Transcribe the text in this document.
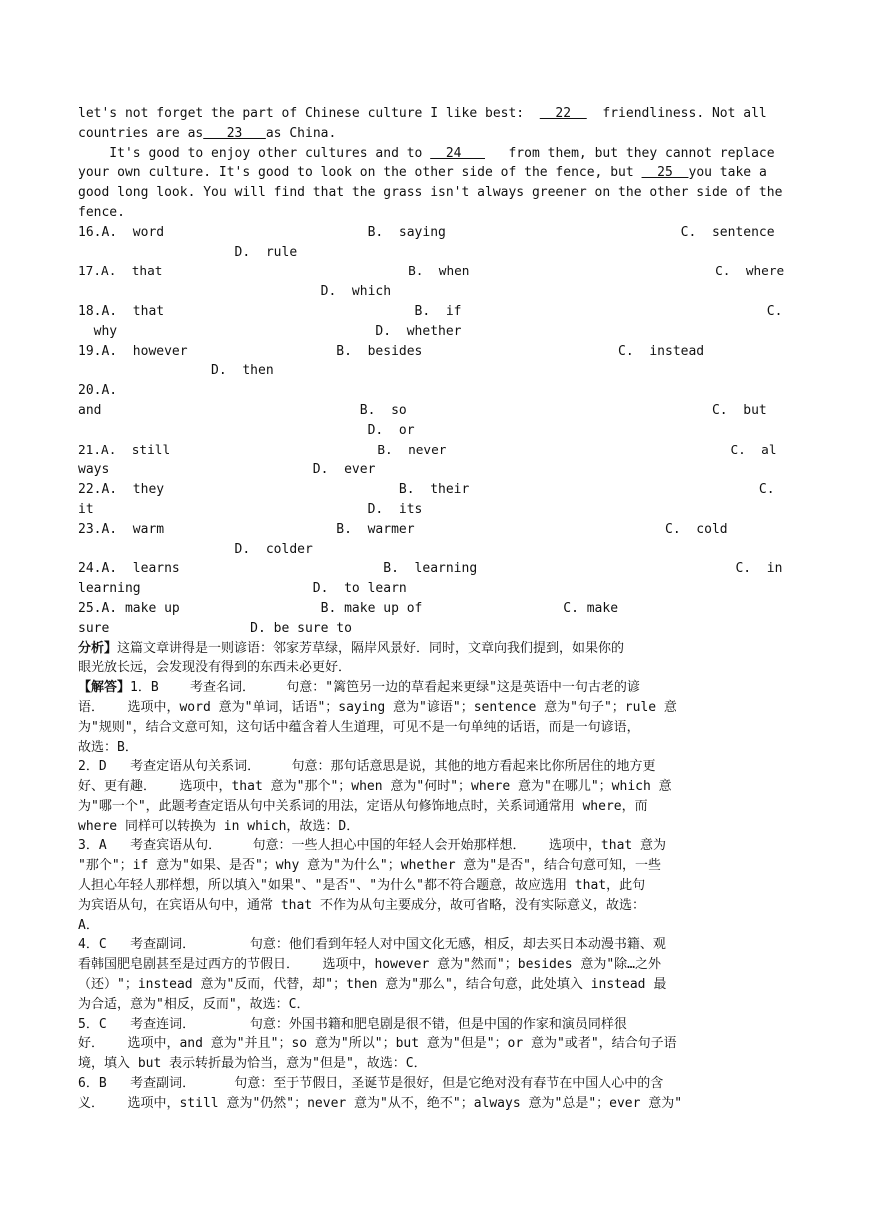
let's not forget the part of Chinese culture I like best:    22    friendliness. Not all
countries are as   23   as China.
It's good to enjoy other cultures and to   24      from them, but they cannot replace
your own culture. It's good to look on the other side of the fence, but   25  you take a
good long look. You will find that the grass isn't always greener on the other side of the
fence.
16.A.  word                          B.  saying                              C.  sentence
D.  rule
17.A.  that                                B.  when                                C.  where
D.  which
18.A.  that                                B.  if                                       C.
why                                 D.  whether
19.A.  however                   B.  besides                         C.  instead
D.  then
20.A.
and                                 B.  so                                       C.  but
D.  or
21.A.  still                           B.  never                                     C.  al
ways                          D.  ever
22.A.  they                              B.  their                                     C.
it                                   D.  its
23.A.  warm                      B.  warmer                                C.  cold
D.  colder
24.A.  learns                          B.  learning                                 C.  in
learning                      D.  to learn
25.A. make up                  B. make up of                  C. make
sure                  D. be sure to
分析】这篇文章讲得是一则谚语：邻家芳草绿，隔岸风景好．同时，文章向我们提到，如果你的
眼光放长远，会发现没有得到的东西未必更好．
【解答】1．B    考查名词．    句意："篱笆另一边的草看起来更绿"这是英语中一句古老的谚
语．   选项中，word 意为"单词，话语"；saying 意为"谚语"；sentence 意为"句子"；rule 意
为"规则"，结合文意可知，这句话中蕴含着人生道理，可见不是一句单纯的话语，而是一句谚语，
故选：B．
2．D   考查定语从句关系词．    句意：那句话意思是说，其他的地方看起来比你所居住的地方更
好、更有趣．   选项中，that 意为"那个"；when 意为"何时"；where 意为"在哪儿"；which 意
为"哪一个"，此题考查定语从句中关系词的用法，定语从句修饰地点时，关系词通常用 where，而
where 同样可以转换为 in which，故选：D．
3．A   考查宾语从句．    句意：一些人担心中国的年轻人会开始那样想．   选项中，that 意为
"那个"；if 意为"如果、是否"；why 意为"为什么"；whether 意为"是否"，结合句意可知，一些
人担心年轻人那样想，所以填入"如果"、"是否"、"为什么"都不符合题意，故应选用 that，此句
为宾语从句，在宾语从句中，通常 that 不作为从句主要成分，故可省略，没有实际意义，故选：
A．
4．C   考查副词．       句意：他们看到年轻人对中国文化无感，相反，却去买日本动漫书籍、观
看韩国肥皂剧甚至是过西方的节假日．   选项中，however 意为"然而"；besides 意为"除…之外
（还）"；instead 意为"反而，代替，却"；then 意为"那么"，结合句意，此处填入 instead 最
为合适，意为"相反，反而"，故选：C．
5．C   考查连词．       句意：外国书籍和肥皂剧是很不错，但是中国的作家和演员同样很
好．   选项中，and 意为"并且"；so 意为"所以"；but 意为"但是"；or 意为"或者"，结合句子语
境，填入 but 表示转折最为恰当，意为"但是"，故选：C．
6．B   考查副词．     句意：至于节假日，圣诞节是很好，但是它绝对没有春节在中国人心中的含
义．   选项中，still 意为"仍然"；never 意为"从不，绝不"；always 意为"总是"；ever 意为"
